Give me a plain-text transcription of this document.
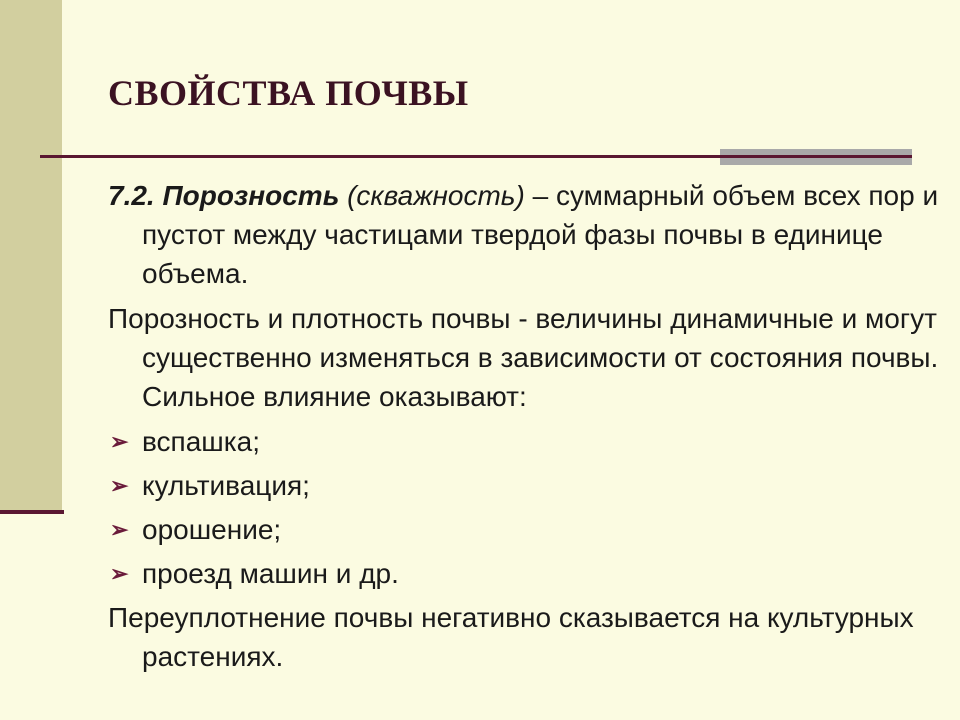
СВОЙСТВА ПОЧВЫ

7.2. Порозность (скважность) – суммарный объем всех пор и пустот между частицами твердой фазы почвы в единице объема.

Порозность и плотность почвы - величины динамичные и могут существенно изменяться в зависимости от состояния почвы. Сильное влияние оказывают:

➢ вспашка;
➢ культивация;
➢ орошение;
➢ проезд машин и др.

Переуплотнение почвы негативно сказывается на культурных растениях.
